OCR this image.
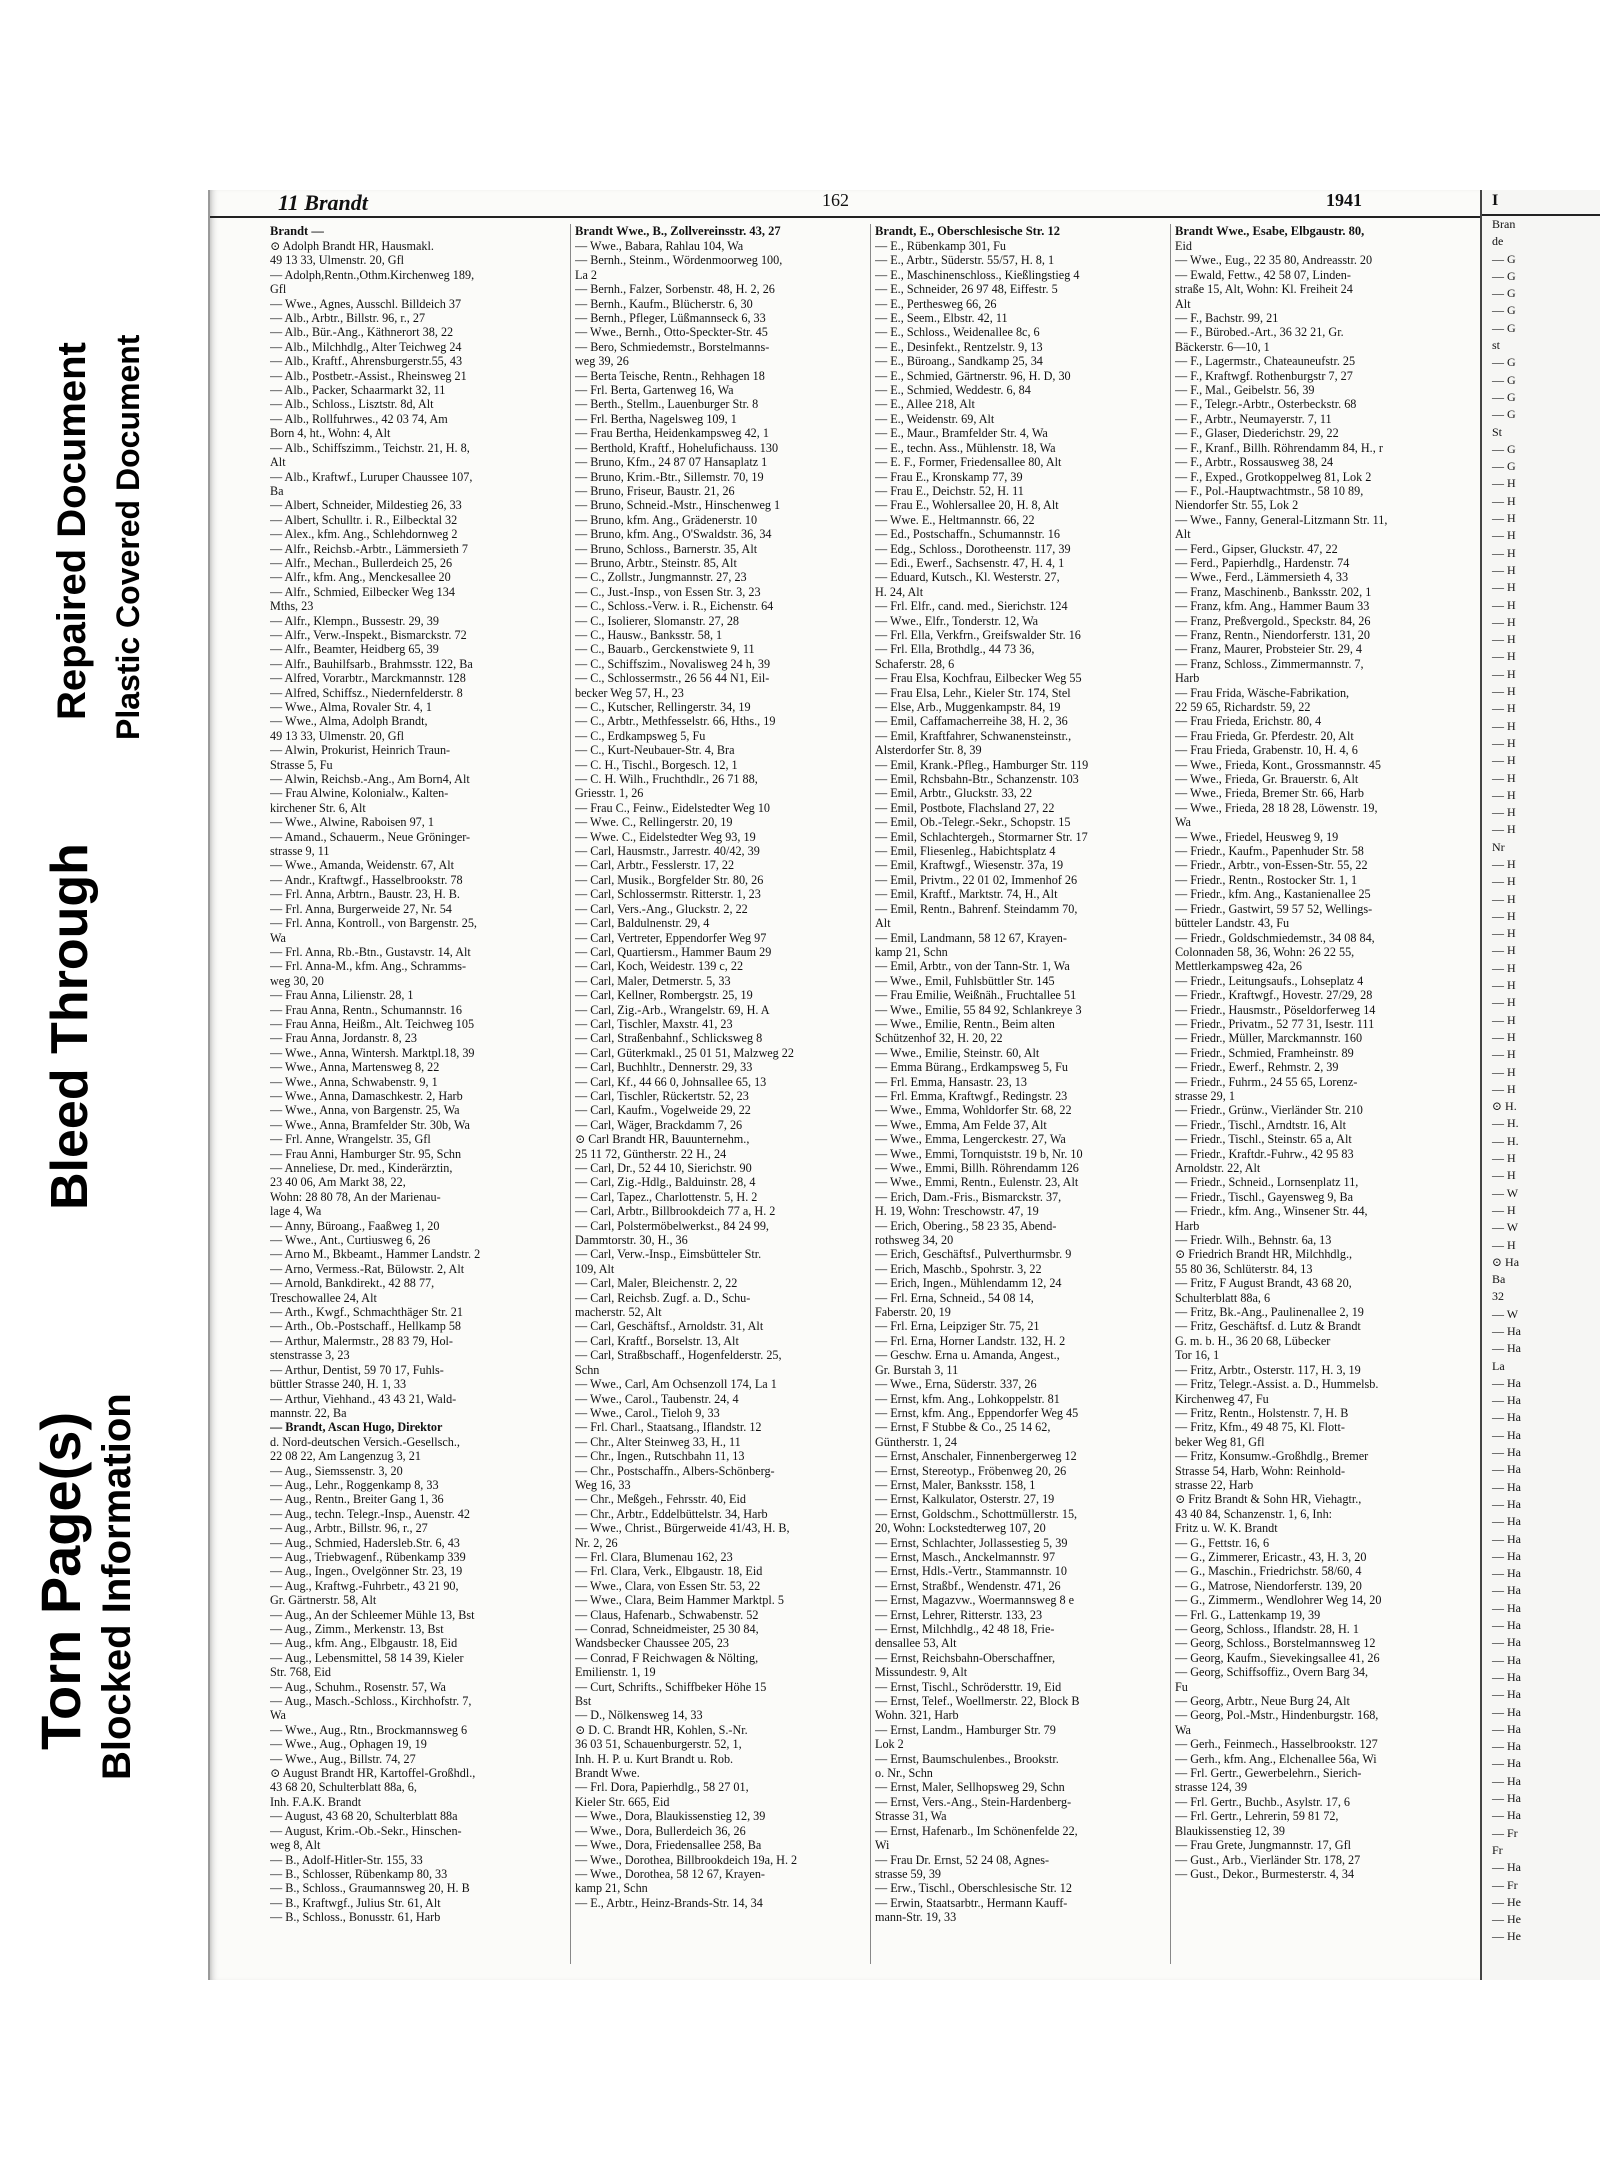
Torn Page(s) Blocked Information
Bleed Through
Repaired Document Plastic Covered Document
11 Brandt	162	1941
Brandt —
⊙ Adolph Brandt HR, Hausmakl.
49 13 33, Ulmenstr. 20, Gfl
— Adolph,Rentn.,Othm.Kirchenweg 189,
Gfl
— Wwe., Agnes, Ausschl. Billdeich 37
— Alb., Arbtr., Billstr. 96, r., 27
— Alb., Bür.-Ang., Käthnerort 38, 22
— Alb., Milchhdlg., Alter Teichweg 24
— Alb., Kraftf., Ahrensburgerstr.55, 43
— Alb., Postbetr.-Assist., Rheinsweg 21
— Alb., Packer, Schaarmarkt 32, 11
— Alb., Schloss., Lisztstr. 8d, Alt
— Alb., Rollfuhrwes., 42 03 74, Am
Born 4, ht., Wohn: 4, Alt
— Alb., Schiffszimm., Teichstr. 21, H. 8,
Alt
— Alb., Kraftwf., Luruper Chaussee 107,
Ba
— Albert, Schneider, Mildestieg 26, 33
— Albert, Schulltr. i. R., Eilbecktal 32
— Alex., kfm. Ang., Schlehdornweg 2
— Alfr., Reichsb.-Arbtr., Lämmersieth 7
— Alfr., Mechan., Bullerdeich 25, 26
— Alfr., kfm. Ang., Menckesallee 20
— Alfr., Schmied, Eilbecker Weg 134
Mths, 23
— Alfr., Klempn., Bussestr. 29, 39
— Alfr., Verw.-Inspekt., Bismarckstr. 72
— Alfr., Beamter, Heidberg 65, 39
— Alfr., Bauhilfsarb., Brahmsstr. 122, Ba
— Alfred, Vorarbtr., Marckmannstr. 128
— Alfred, Schiffsz., Niedernfelderstr. 8
— Wwe., Alma, Rovaler Str. 4, 1
— Wwe., Alma, Adolph Brandt,
49 13 33, Ulmenstr. 20, Gfl
— Alwin, Prokurist, Heinrich Traun-
Strasse 5, Fu
— Alwin, Reichsb.-Ang., Am Born4, Alt
— Frau Alwine, Kolonialw., Kalten-
kirchener Str. 6, Alt
— Wwe., Alwine, Raboisen 97, 1
— Amand., Schauerm., Neue Gröninger-
strasse 9, 11
— Wwe., Amanda, Weidenstr. 67, Alt
— Andr., Kraftwgf., Hasselbrookstr. 78
— Frl. Anna, Arbtrn., Baustr. 23, H. B.
— Frl. Anna, Burgerweide 27, Nr. 54
— Frl. Anna, Kontroll., von Bargenstr. 25,
Wa
— Frl. Anna, Rb.-Btn., Gustavstr. 14, Alt
— Frl. Anna-M., kfm. Ang., Schramms-
weg 30, 20
— Frau Anna, Lilienstr. 28, 1
— Frau Anna, Rentn., Schumannstr. 16
— Frau Anna, Heißm., Alt. Teichweg 105
— Frau Anna, Jordanstr. 8, 23
— Wwe., Anna, Wintersh. Marktpl.18, 39
— Wwe., Anna, Martensweg 8, 22
— Wwe., Anna, Schwabenstr. 9, 1
— Wwe., Anna, Damaschkestr. 2, Harb
— Wwe., Anna, von Bargenstr. 25, Wa
— Wwe., Anna, Bramfelder Str. 30b, Wa
— Frl. Anne, Wrangelstr. 35, Gfl
— Frau Anni, Hamburger Str. 95, Schn
— Anneliese, Dr. med., Kinderärztin,
23 40 06, Am Markt 38, 22,
Wohn: 28 80 78, An der Marienau-
lage 4, Wa
— Anny, Büroang., Faaßweg 1, 20
— Wwe., Ant., Curtiusweg 6, 26
— Arno M., Bkbeamt., Hammer Landstr. 2
— Arno, Vermess.-Rat, Bülowstr. 2, Alt
— Arnold, Bankdirekt., 42 88 77,
Treschowallee 24, Alt
— Arth., Kwgf., Schmachthäger Str. 21
— Arth., Ob.-Postschaff., Hellkamp 58
— Arthur, Malermstr., 28 83 79, Hol-
stenstrasse 3, 23
— Arthur, Dentist, 59 70 17, Fuhls-
büttler Strasse 240, H. 1, 33
— Arthur, Viehhand., 43 43 21, Wald-
mannstr. 22, Ba
— Brandt, Ascan Hugo, Direktor
d. Nord-deutschen Versich.-Gesellsch.,
22 08 22, Am Langenzug 3, 21
— Aug., Siemssenstr. 3, 20
— Aug., Lehr., Roggenkamp 8, 33
— Aug., Rentn., Breiter Gang 1, 36
— Aug., techn. Telegr.-Insp., Auenstr. 42
— Aug., Arbtr., Billstr. 96, r., 27
— Aug., Schmied, Hadersleb.Str. 6, 43
— Aug., Triebwagenf., Rübenkamp 339
— Aug., Ingen., Ovelgönner Str. 23, 19
— Aug., Kraftwg.-Fuhrbetr., 43 21 90,
Gr. Gärtnerstr. 58, Alt
— Aug., An der Schleemer Mühle 13, Bst
— Aug., Zimm., Merkenstr. 13, Bst
— Aug., kfm. Ang., Elbgaustr. 18, Eid
— Aug., Lebensmittel, 58 14 39, Kieler
Str. 768, Eid
— Aug., Schuhm., Rosenstr. 57, Wa
— Aug., Masch.-Schloss., Kirchhofstr. 7,
Wa
— Wwe., Aug., Rtn., Brockmannsweg 6
— Wwe., Aug., Ophagen 19, 19
— Wwe., Aug., Billstr. 74, 27
⊙ August Brandt HR, Kartoffel-Großhdl.,
43 68 20, Schulterblatt 88a, 6,
Inh. F.A.K. Brandt
— August, 43 68 20, Schulterblatt 88a
— August, Krim.-Ob.-Sekr., Hinschen-
weg 8, Alt
— B., Adolf-Hitler-Str. 155, 33
— B., Schlosser, Rübenkamp 80, 33
— B., Schloss., Graumannsweg 20, H. B
— B., Kraftwgf., Julius Str. 61, Alt
— B., Schloss., Bonusstr. 61, Harb
Brandt Wwe., B., Zollvereinsstr. 43, 27
— Wwe., Babara, Rahlau 104, Wa
— Bernh., Steinm., Wördenmoorweg 100,
La 2
— Bernh., Falzer, Sorbenstr. 48, H. 2, 26
— Bernh., Kaufm., Blücherstr. 6, 30
— Bernh., Pfleger, Lüßmannseck 6, 33
— Wwe., Bernh., Otto-Speckter-Str. 45
— Bero, Schmiedemstr., Borstelmanns-
weg 39, 26
— Berta Teische, Rentn., Rehhagen 18
— Frl. Berta, Gartenweg 16, Wa
— Berth., Stellm., Lauenburger Str. 8
— Frl. Bertha, Nagelsweg 109, 1
— Frau Bertha, Heidenkampsweg 42, 1
— Berthold, Kraftf., Hohelufichauss. 130
— Bruno, Kfm., 24 87 07 Hansaplatz 1
— Bruno, Krim.-Btr., Sillemstr. 70, 19
— Bruno, Friseur, Baustr. 21, 26
— Bruno, Schneid.-Mstr., Hinschenweg 1
— Bruno, kfm. Ang., Grädenerstr. 10
— Bruno, kfm. Ang., O'Swaldstr. 36, 34
— Bruno, Schloss., Barnerstr. 35, Alt
— Bruno, Arbtr., Steinstr. 85, Alt
— C., Zollstr., Jungmannstr. 27, 23
— C., Just.-Insp., von Essen Str. 3, 23
— C., Schloss.-Verw. i. R., Eichenstr. 64
— C., Isolierer, Slomanstr. 27, 28
— C., Hausw., Banksstr. 58, 1
— C., Bauarb., Gerckenstwiete 9, 11
— C., Schiffszim., Novalisweg 24 h, 39
— C., Schlossermstr., 26 56 44 N1, Eil-
becker Weg 57, H., 23
— C., Kutscher, Rellingerstr. 34, 19
— C., Arbtr., Methfesselstr. 66, Hths., 19
— C., Erdkampsweg 5, Fu
— C., Kurt-Neubauer-Str. 4, Bra
— C. H., Tischl., Borgesch. 12, 1
— C. H. Wilh., Fruchthdlr., 26 71 88,
Griesstr. 1, 26
— Frau C., Feinw., Eidelstedter Weg 10
— Wwe. C., Rellingerstr. 20, 19
— Wwe. C., Eidelstedter Weg 93, 19
— Carl, Hausmstr., Jarrestr. 40/42, 39
— Carl, Arbtr., Fesslerstr. 17, 22
— Carl, Musik., Borgfelder Str. 80, 26
— Carl, Schlossermstr. Ritterstr. 1, 23
— Carl, Vers.-Ang., Gluckstr. 2, 22
— Carl, Baldulnenstr. 29, 4
— Carl, Vertreter, Eppendorfer Weg 97
— Carl, Quartiersm., Hammer Baum 29
— Carl, Koch, Weidestr. 139 c, 22
— Carl, Maler, Detmerstr. 5, 33
— Carl, Kellner, Rombergstr. 25, 19
— Carl, Zig.-Arb., Wrangelstr. 69, H. A
— Carl, Tischler, Maxstr. 41, 23
— Carl, Straßenbahnf., Schlicksweg 8
— Carl, Güterkmakl., 25 01 51, Malzweg 22
— Carl, Buchhltr., Dennerstr. 29, 33
— Carl, Kf., 44 66 0, Johnsallee 65, 13
— Carl, Tischler, Rückertstr. 52, 23
— Carl, Kaufm., Vogelweide 29, 22
— Carl, Wäger, Brackdamm 7, 26
⊙ Carl Brandt HR, Bauunternehm.,
25 11 72, Güntherstr. 22 H., 24
— Carl, Dr., 52 44 10, Sierichstr. 90
— Carl, Zig.-Hdlg., Balduinstr. 28, 4
— Carl, Tapez., Charlottenstr. 5, H. 2
— Carl, Arbtr., Billbrookdeich 77 a, H. 2
— Carl, Polstermöbelwerkst., 84 24 99,
Dammtorstr. 30, H., 36
— Carl, Verw.-Insp., Eimsbütteler Str.
109, Alt
— Carl, Maler, Bleichenstr. 2, 22
— Carl, Reichsb. Zugf. a. D., Schu-
macherstr. 52, Alt
— Carl, Geschäftsf., Arnoldstr. 31, Alt
— Carl, Kraftf., Borselstr. 13, Alt
— Carl, Straßbschaff., Hogenfelderstr. 25,
Schn
— Wwe., Carl, Am Ochsenzoll 174, La 1
— Wwe., Carol., Taubenstr. 24, 4
— Wwe., Carol., Tieloh 9, 33
— Frl. Charl., Staatsang., Iflandstr. 12
— Chr., Alter Steinweg 33, H., 11
— Chr., Ingen., Rutschbahn 11, 13
— Chr., Postschaffn., Albers-Schönberg-
Weg 16, 33
— Chr., Meßgeh., Fehrsstr. 40, Eid
— Chr., Arbtr., Eddelbüttelstr. 34, Harb
— Wwe., Christ., Bürgerweide 41/43, H. B,
Nr. 2, 26
— Frl. Clara, Blumenau 162, 23
— Frl. Clara, Verk., Elbgaustr. 18, Eid
— Wwe., Clara, von Essen Str. 53, 22
— Wwe., Clara, Beim Hammer Marktpl. 5
— Claus, Hafenarb., Schwabenstr. 52
— Conrad, Schneidmeister, 25 30 84,
Wandsbecker Chaussee 205, 23
— Conrad, F Reichwagen & Nölting,
Emilienstr. 1, 19
— Curt, Schrifts., Schiffbeker Höhe 15
Bst
— D., Nölkensweg 14, 33
⊙ D. C. Brandt HR, Kohlen, S.-Nr.
36 03 51, Schauenburgerstr. 52, 1,
Inh. H. P. u. Kurt Brandt u. Rob.
Brandt Wwe.
— Frl. Dora, Papierhdlg., 58 27 01,
Kieler Str. 665, Eid
— Wwe., Dora, Blaukissenstieg 12, 39
— Wwe., Dora, Bullerdeich 36, 26
— Wwe., Dora, Friedensallee 258, Ba
— Wwe., Dorothea, Billbrookdeich 19a, H. 2
— Wwe., Dorothea, 58 12 67, Krayen-
kamp 21, Schn
— E., Arbtr., Heinz-Brands-Str. 14, 34
Brandt, E., Oberschlesische Str. 12
— E., Rübenkamp 301, Fu
— E., Arbtr., Süderstr. 55/57, H. 8, 1
— E., Maschinenschloss., Kießlingstieg 4
— E., Schneider, 26 97 48, Eiffestr. 5
— E., Perthesweg 66, 26
— E., Seem., Elbstr. 42, 11
— E., Schloss., Weidenallee 8c, 6
— E., Desinfekt., Rentzelstr. 9, 13
— E., Büroang., Sandkamp 25, 34
— E., Schmied, Gärtnerstr. 96, H. D, 30
— E., Schmied, Weddestr. 6, 84
— E., Allee 218, Alt
— E., Weidenstr. 69, Alt
— E., Maur., Bramfelder Str. 4, Wa
— E., techn. Ass., Mühlenstr. 18, Wa
— E. F., Former, Friedensallee 80, Alt
— Frau E., Kronskamp 77, 39
— Frau E., Deichstr. 52, H. 11
— Frau E., Wohlersallee 20, H. 8, Alt
— Wwe. E., Heltmannstr. 66, 22
— Ed., Postschaffn., Schumannstr. 16
— Edg., Schloss., Dorotheenstr. 117, 39
— Edi., Ewerf., Sachsenstr. 47, H. 4, 1
— Eduard, Kutsch., Kl. Westerstr. 27,
H. 24, Alt
— Frl. Elfr., cand. med., Sierichstr. 124
— Wwe., Elfr., Tonderstr. 12, Wa
— Frl. Ella, Verkfrn., Greifswalder Str. 16
— Frl. Ella, Brothdlg., 44 73 36,
Schaferstr. 28, 6
— Frau Elsa, Kochfrau, Eilbecker Weg 55
— Frau Elsa, Lehr., Kieler Str. 174, Stel
— Else, Arb., Muggenkampstr. 84, 19
— Emil, Caffamacherreihe 38, H. 2, 36
— Emil, Kraftfahrer, Schwanensteinstr.,
Alsterdorfer Str. 8, 39
— Emil, Krank.-Pfleg., Hamburger Str. 119
— Emil, Rchsbahn-Btr., Schanzenstr. 103
— Emil, Arbtr., Gluckstr. 33, 22
— Emil, Postbote, Flachsland 27, 22
— Emil, Ob.-Telegr.-Sekr., Schopstr. 15
— Emil, Schlachtergeh., Stormarner Str. 17
— Emil, Fliesenleg., Habichtsplatz 4
— Emil, Kraftwgf., Wiesenstr. 37a, 19
— Emil, Privtm., 22 01 02, Immenhof 26
— Emil, Kraftf., Marktstr. 74, H., Alt
— Emil, Rentn., Bahrenf. Steindamm 70,
Alt
— Emil, Landmann, 58 12 67, Krayen-
kamp 21, Schn
— Emil, Arbtr., von der Tann-Str. 1, Wa
— Wwe., Emil, Fuhlsbüttler Str. 145
— Frau Emilie, Weißnäh., Fruchtallee 51
— Wwe., Emilie, 55 84 92, Schlankreye 3
— Wwe., Emilie, Rentn., Beim alten
Schützenhof 32, H. 20, 22
— Wwe., Emilie, Steinstr. 60, Alt
— Emma Bürang., Erdkampsweg 5, Fu
— Frl. Emma, Hansastr. 23, 13
— Frl. Emma, Kraftwgf., Redingstr. 23
— Wwe., Emma, Wohldorfer Str. 68, 22
— Wwe., Emma, Am Felde 37, Alt
— Wwe., Emma, Lengerckestr. 27, Wa
— Wwe., Emmi, Tornquiststr. 19 b, Nr. 10
— Wwe., Emmi, Billh. Röhrendamm 126
— Wwe., Emmi, Rentn., Eulenstr. 23, Alt
— Erich, Dam.-Fris., Bismarckstr. 37,
H. 19, Wohn: Treschowstr. 47, 19
— Erich, Obering., 58 23 35, Abend-
rothsweg 34, 20
— Erich, Geschäftsf., Pulverthurmsbr. 9
— Erich, Maschb., Spohrstr. 3, 22
— Erich, Ingen., Mühlendamm 12, 24
— Frl. Erna, Schneid., 54 08 14,
Faberstr. 20, 19
— Frl. Erna, Leipziger Str. 75, 21
— Frl. Erna, Horner Landstr. 132, H. 2
— Geschw. Erna u. Amanda, Angest.,
Gr. Burstah 3, 11
— Wwe., Erna, Süderstr. 337, 26
— Ernst, kfm. Ang., Lohkoppelstr. 81
— Ernst, kfm. Ang., Eppendorfer Weg 45
— Ernst, F Stubbe & Co., 25 14 62,
Güntherstr. 1, 24
— Ernst, Anschaler, Finnenbergerweg 12
— Ernst, Stereotyp., Fröbenweg 20, 26
— Ernst, Maler, Banksstr. 158, 1
— Ernst, Kalkulator, Osterstr. 27, 19
— Ernst, Goldschm., Schottmüllerstr. 15,
20, Wohn: Lockstedterweg 107, 20
— Ernst, Schlachter, Jollassestieg 5, 39
— Ernst, Masch., Anckelmannstr. 97
— Ernst, Hdls.-Vertr., Stammannstr. 10
— Ernst, Straßbf., Wendenstr. 471, 26
— Ernst, Magazvw., Woermannsweg 8 e
— Ernst, Lehrer, Ritterstr. 133, 23
— Ernst, Milchhdlg., 42 48 18, Frie-
densallee 53, Alt
— Ernst, Reichsbahn-Oberschaffner,
Missundestr. 9, Alt
— Ernst, Tischl., Schrödersttr. 19, Eid
— Ernst, Telef., Woellmerstr. 22, Block B
Wohn. 321, Harb
— Ernst, Landm., Hamburger Str. 79
Lok 2
— Ernst, Baumschulenbes., Brookstr.
o. Nr., Schn
— Ernst, Maler, Sellhopsweg 29, Schn
— Ernst, Vers.-Ang., Stein-Hardenberg-
Strasse 31, Wa
— Ernst, Hafenarb., Im Schönenfelde 22,
Wi
— Frau Dr. Ernst, 52 24 08, Agnes-
strasse 59, 39
— Erw., Tischl., Oberschlesische Str. 12
— Erwin, Staatsarbtr., Hermann Kauff-
mann-Str. 19, 33
Brandt Wwe., Esabe, Elbgaustr. 80,
Eid
— Wwe., Eug., 22 35 80, Andreasstr. 20
— Ewald, Fettw., 42 58 07, Linden-
straße 15, Alt, Wohn: Kl. Freiheit 24
Alt
— F., Bachstr. 99, 21
— F., Bürobed.-Art., 36 32 21, Gr.
Bäckerstr. 6—10, 1
— F., Lagermstr., Chateauneufstr. 25
— F., Kraftwgf. Rothenburgstr 7, 27
— F., Mal., Geibelstr. 56, 39
— F., Telegr.-Arbtr., Osterbeckstr. 68
— F., Arbtr., Neumayerstr. 7, 11
— F., Glaser, Diederichstr. 29, 22
— F., Kranf., Billh. Röhrendamm 84, H., r
— F., Arbtr., Rossausweg 38, 24
— F., Exped., Grotkoppelweg 81, Lok 2
— F., Pol.-Hauptwachtmstr., 58 10 89,
Niendorfer Str. 55, Lok 2
— Wwe., Fanny, General-Litzmann Str. 11,
Alt
— Ferd., Gipser, Gluckstr. 47, 22
— Ferd., Papierhdlg., Hardenstr. 74
— Wwe., Ferd., Lämmersieth 4, 33
— Franz, Maschinenb., Banksstr. 202, 1
— Franz, kfm. Ang., Hammer Baum 33
— Franz, Preßvergold., Speckstr. 84, 26
— Franz, Rentn., Niendorferstr. 131, 20
— Franz, Maurer, Probsteier Str. 29, 4
— Franz, Schloss., Zimmermannstr. 7,
Harb
— Frau Frida, Wäsche-Fabrikation,
22 59 65, Richardstr. 59, 22
— Frau Frieda, Erichstr. 80, 4
— Frau Frieda, Gr. Pferdestr. 20, Alt
— Frau Frieda, Grabenstr. 10, H. 4, 6
— Wwe., Frieda, Kont., Grossmannstr. 45
— Wwe., Frieda, Gr. Brauerstr. 6, Alt
— Wwe., Frieda, Bremer Str. 66, Harb
— Wwe., Frieda, 28 18 28, Löwenstr. 19,
Wa
— Wwe., Friedel, Heusweg 9, 19
— Friedr., Kaufm., Papenhuder Str. 58
— Friedr., Arbtr., von-Essen-Str. 55, 22
— Friedr., Rentn., Rostocker Str. 1, 1
— Friedr., kfm. Ang., Kastanienallee 25
— Friedr., Gastwirt, 59 57 52, Wellings-
bütteler Landstr. 43, Fu
— Friedr., Goldschmiedemstr., 34 08 84,
Colonnaden 58, 36, Wohn: 26 22 55,
Mettlerkampsweg 42a, 26
— Friedr., Leitungsaufs., Lohseplatz 4
— Friedr., Kraftwgf., Hovestr. 27/29, 28
— Friedr., Hausmstr., Pöseldorferweg 14
— Friedr., Privatm., 52 77 31, Isestr. 111
— Friedr., Müller, Marckmannstr. 160
— Friedr., Schmied, Framheinstr. 89
— Friedr., Ewerf., Rehmstr. 2, 39
— Friedr., Fuhrm., 24 55 65, Lorenz-
strasse 29, 1
— Friedr., Grünw., Vierländer Str. 210
— Friedr., Tischl., Arndtstr. 16, Alt
— Friedr., Tischl., Steinstr. 65 a, Alt
— Friedr., Kraftdr.-Fuhrw., 42 95 83
Arnoldstr. 22, Alt
— Friedr., Schneid., Lornsenplatz 11,
— Friedr., Tischl., Gayensweg 9, Ba
— Friedr., kfm. Ang., Winsener Str. 44,
Harb
— Friedr. Wilh., Behnstr. 6a, 13
⊙ Friedrich Brandt HR, Milchhdlg.,
55 80 36, Schlüterstr. 84, 13
— Fritz, F August Brandt, 43 68 20,
Schulterblatt 88a, 6
— Fritz, Bk.-Ang., Paulinenallee 2, 19
— Fritz, Geschäftsf. d. Lutz & Brandt
G. m. b. H., 36 20 68, Lübecker
Tor 16, 1
— Fritz, Arbtr., Osterstr. 117, H. 3, 19
— Fritz, Telegr.-Assist. a. D., Hummelsb.
Kirchenweg 47, Fu
— Fritz, Rentn., Holstenstr. 7, H. B
— Fritz, Kfm., 49 48 75, Kl. Flott-
beker Weg 81, Gfl
— Fritz, Konsumw.-Großhdlg., Bremer
Strasse 54, Harb, Wohn: Reinhold-
strasse 22, Harb
⊙ Fritz Brandt & Sohn HR, Viehagtr.,
43 40 84, Schanzenstr. 1, 6, Inh:
Fritz u. W. K. Brandt
— G., Fettstr. 16, 6
— G., Zimmerer, Ericastr., 43, H. 3, 20
— G., Maschin., Friedrichstr. 58/60, 4
— G., Matrose, Niendorferstr. 139, 20
— G., Zimmerm., Wendlohrer Weg 14, 20
— Frl. G., Lattenkamp 19, 39
— Georg, Schloss., Iflandstr. 28, H. 1
— Georg, Schloss., Borstelmannsweg 12
— Georg, Kaufm., Sievekingsallee 41, 26
— Georg, Schiffsoffiz., Overn Barg 34,
Fu
— Georg, Arbtr., Neue Burg 24, Alt
— Georg, Pol.-Mstr., Hindenburgstr. 168,
Wa
— Gerh., Feinmech., Hasselbrookstr. 127
— Gerh., kfm. Ang., Elchenallee 56a, Wi
— Frl. Gertr., Gewerbelehrn., Sierich-
strasse 124, 39
— Frl. Gertr., Buchb., Asylstr. 17, 6
— Frl. Gertr., Lehrerin, 59 81 72,
Blaukissenstieg 12, 39
— Frau Grete, Jungmannstr. 17, Gfl
— Gust., Arb., Vierländer Str. 178, 27
— Gust., Dekor., Burmesterstr. 4, 34
I
Bran
de
— G
— G
— G
— G
— G
st
— G
— G
— G
— G
St
— G
— G
— H
— H
— H
— H
— H
— H
— H
— H
— H
— H
— H
— H
— H
— H
— H
— H
— H
— H
— H
— H
— H
Nr
— H
— H
— H
— H
— H
— H
— H
— H
— H
— H
— H
— H
— H
— H
⊙ H.
— H.
— H.
— H
— H
— W
— H
— W
— H
⊙ Ha
Ba
32
— W
— Ha
— Ha
La
— Ha
— Ha
— Ha
— Ha
— Ha
— Ha
— Ha
— Ha
— Ha
— Ha
— Ha
— Ha
— Ha
— Ha
— Ha
— Ha
— Ha
— Ha
— Ha
— Ha
— Ha
— Ha
— Ha
— Ha
— Ha
— Ha
— Fr
Fr
— Ha
— Fr
— He
— He
— He
